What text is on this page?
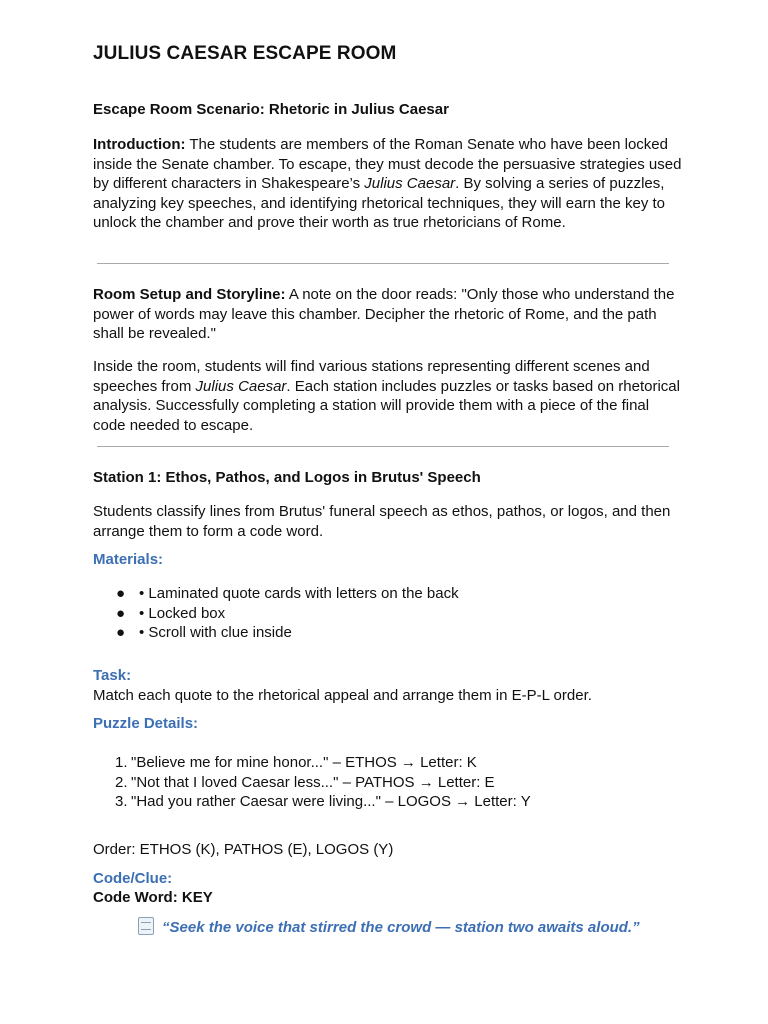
JULIUS CAESAR ESCAPE ROOM
Escape Room Scenario: Rhetoric in Julius Caesar
Introduction: The students are members of the Roman Senate who have been locked inside the Senate chamber. To escape, they must decode the persuasive strategies used by different characters in Shakespeare’s Julius Caesar. By solving a series of puzzles, analyzing key speeches, and identifying rhetorical techniques, they will earn the key to unlock the chamber and prove their worth as true rhetoricians of Rome.
Room Setup and Storyline: A note on the door reads: "Only those who understand the power of words may leave this chamber. Decipher the rhetoric of Rome, and the path shall be revealed."
Inside the room, students will find various stations representing different scenes and speeches from Julius Caesar. Each station includes puzzles or tasks based on rhetorical analysis. Successfully completing a station will provide them with a piece of the final code needed to escape.
Station 1: Ethos, Pathos, and Logos in Brutus' Speech
Students classify lines from Brutus' funeral speech as ethos, pathos, or logos, and then arrange them to form a code word.
Materials:
● • Laminated quote cards with letters on the back
● • Locked box
● • Scroll with clue inside
Task:
Match each quote to the rhetorical appeal and arrange them in E-P-L order.
Puzzle Details:
1. "Believe me for mine honor..." – ETHOS → Letter: K
2. "Not that I loved Caesar less..." – PATHOS → Letter: E
3. "Had you rather Caesar were living..." – LOGOS → Letter: Y
Order: ETHOS (K), PATHOS (E), LOGOS (Y)
Code/Clue:
Code Word: KEY
“Seek the voice that stirred the crowd — station two awaits aloud.”
